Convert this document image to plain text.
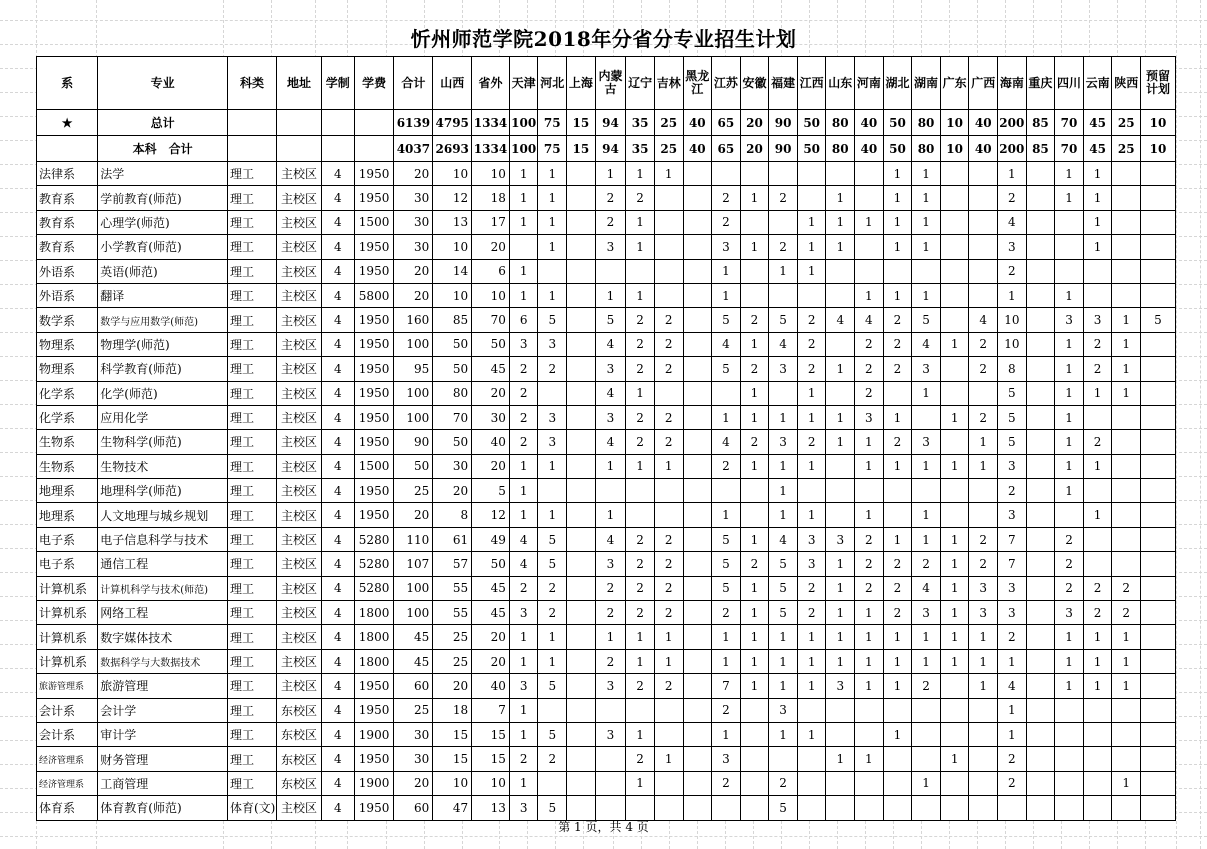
忻州师范学院2018年分省分专业招生计划
系	专业	科类	地址	学制	学费	合计	山西	省外	天津	河北	上海	内蒙古	辽宁	吉林	黑龙江	江苏	安徽	福建	江西	山东	河南	湖北	湖南	广东	广西	海南	重庆	四川	云南	陕西	预留计划
★	总计					6139	4795	1334	100	75	15	94	35	25	40	65	20	90	50	80	40	50	80	10	40	200	85	70	45	25	10
	本科　合计					4037	2693	1334	100	75	15	94	35	25	40	65	20	90	50	80	40	50	80	10	40	200	85	70	45	25	10
法律系	法学	理工	主校区	4	1950	20	10	10	1	1		1	1	1								1	1			1		1	1		
教育系	学前教育(师范)	理工	主校区	4	1950	30	12	18	1	1		2	2			2	1	2		1		1	1			2		1	1		
教育系	心理学(师范)	理工	主校区	4	1500	30	13	17	1	1		2	1			2			1	1	1	1	1			4			1		
教育系	小学教育(师范)	理工	主校区	4	1950	30	10	20		1		3	1			3	1	2	1	1		1	1			3			1		
外语系	英语(师范)	理工	主校区	4	1950	20	14	6	1							1		1	1							2					
外语系	翻译	理工	主校区	4	5800	20	10	10	1	1		1	1			1					1	1	1			1		1			
数学系	数学与应用数学(师范)	理工	主校区	4	1950	160	85	70	6	5		5	2	2		5	2	5	2	4	4	2	5		4	10		3	3	1	5
物理系	物理学(师范)	理工	主校区	4	1950	100	50	50	3	3		4	2	2		4	1	4	2		2	2	4	1	2	10		1	2	1	
物理系	科学教育(师范)	理工	主校区	4	1950	95	50	45	2	2		3	2	2		5	2	3	2	1	2	2	3		2	8		1	2	1	
化学系	化学(师范)	理工	主校区	4	1950	100	80	20	2			4	1				1		1		2		1			5		1	1	1	
化学系	应用化学	理工	主校区	4	1950	100	70	30	2	3		3	2	2		1	1	1	1	1	3	1		1	2	5		1			
生物系	生物科学(师范)	理工	主校区	4	1950	90	50	40	2	3		4	2	2		4	2	3	2	1	1	2	3		1	5		1	2		
生物系	生物技术	理工	主校区	4	1500	50	30	20	1	1		1	1	1		2	1	1	1		1	1	1	1	1	3		1	1		
地理系	地理科学(师范)	理工	主校区	4	1950	25	20	5	1									1								2		1			
地理系	人文地理与城乡规划	理工	主校区	4	1950	20	8	12	1	1		1				1		1	1		1		1			3			1		
电子系	电子信息科学与技术	理工	主校区	4	5280	110	61	49	4	5		4	2	2		5	1	4	3	3	2	1	1	1	2	7		2			
电子系	通信工程	理工	主校区	4	5280	107	57	50	4	5		3	2	2		5	2	5	3	1	2	2	2	1	2	7		2			
计算机系	计算机科学与技术(师范)	理工	主校区	4	5280	100	55	45	2	2		2	2	2		5	1	5	2	1	2	2	4	1	3	3		2	2	2	
计算机系	网络工程	理工	主校区	4	1800	100	55	45	3	2		2	2	2		2	1	5	2	1	1	2	3	1	3	3		3	2	2	
计算机系	数字媒体技术	理工	主校区	4	1800	45	25	20	1	1		1	1	1		1	1	1	1	1	1	1	1	1	1	2		1	1	1	
计算机系	数据科学与大数据技术	理工	主校区	4	1800	45	25	20	1	1		2	1	1		1	1	1	1	1	1	1	1	1	1	1		1	1	1	
旅游管理系	旅游管理	理工	主校区	4	1950	60	20	40	3	5		3	2	2		7	1	1	1	3	1	1	2		1	4		1	1	1	
会计系	会计学	理工	东校区	4	1950	25	18	7	1							2		3								1					
会计系	审计学	理工	东校区	4	1900	30	15	15	1	5		3	1			1		1	1			1				1					
经济管理系	财务管理	理工	东校区	4	1950	30	15	15	2	2			2	1		3				1	1			1		2					
经济管理系	工商管理	理工	东校区	4	1900	20	10	10	1				1			2		2					1			2				1	
体育系	体育教育(师范)	体育(文)	主校区	4	1950	60	47	13	3	5								5													
第 1 页，共 4 页
